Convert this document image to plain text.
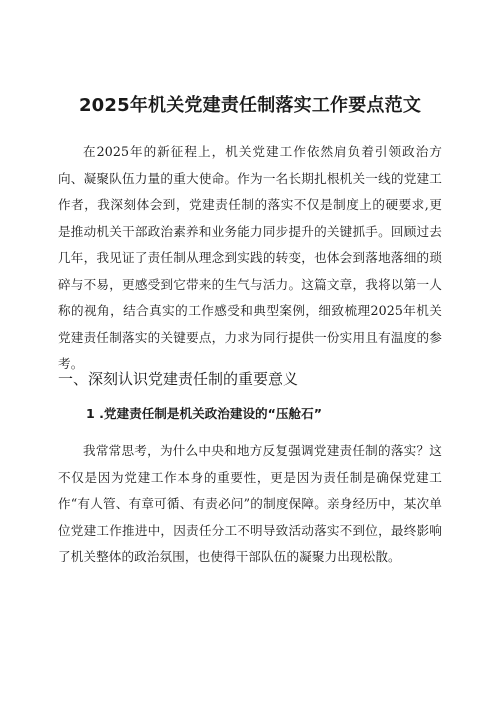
2025年机关党建责任制落实工作要点范文

在2025年的新征程上，机关党建工作依然肩负着引领政治方向、凝聚队伍力量的重大使命。作为一名长期扎根机关一线的党建工作者，我深刻体会到，党建责任制的落实不仅是制度上的硬要求,更是推动机关干部政治素养和业务能力同步提升的关键抓手。回顾过去几年，我见证了责任制从理念到实践的转变，也体会到落地落细的琐碎与不易，更感受到它带来的生气与活力。这篇文章，我将以第一人称的视角，结合真实的工作感受和典型案例，细致梳理2025年机关党建责任制落实的关键要点，力求为同行提供一份实用且有温度的参考。

一、深刻认识党建责任制的重要意义
1 .党建责任制是机关政治建设的“压舱石”

我常常思考，为什么中央和地方反复强调党建责任制的落实？这不仅是因为党建工作本身的重要性，更是因为责任制是确保党建工作“有人管、有章可循、有责必问”的制度保障。亲身经历中，某次单位党建工作推进中，因责任分工不明导致活动落实不到位，最终影响了机关整体的政治氛围，也使得干部队伍的凝聚力出现松散。
